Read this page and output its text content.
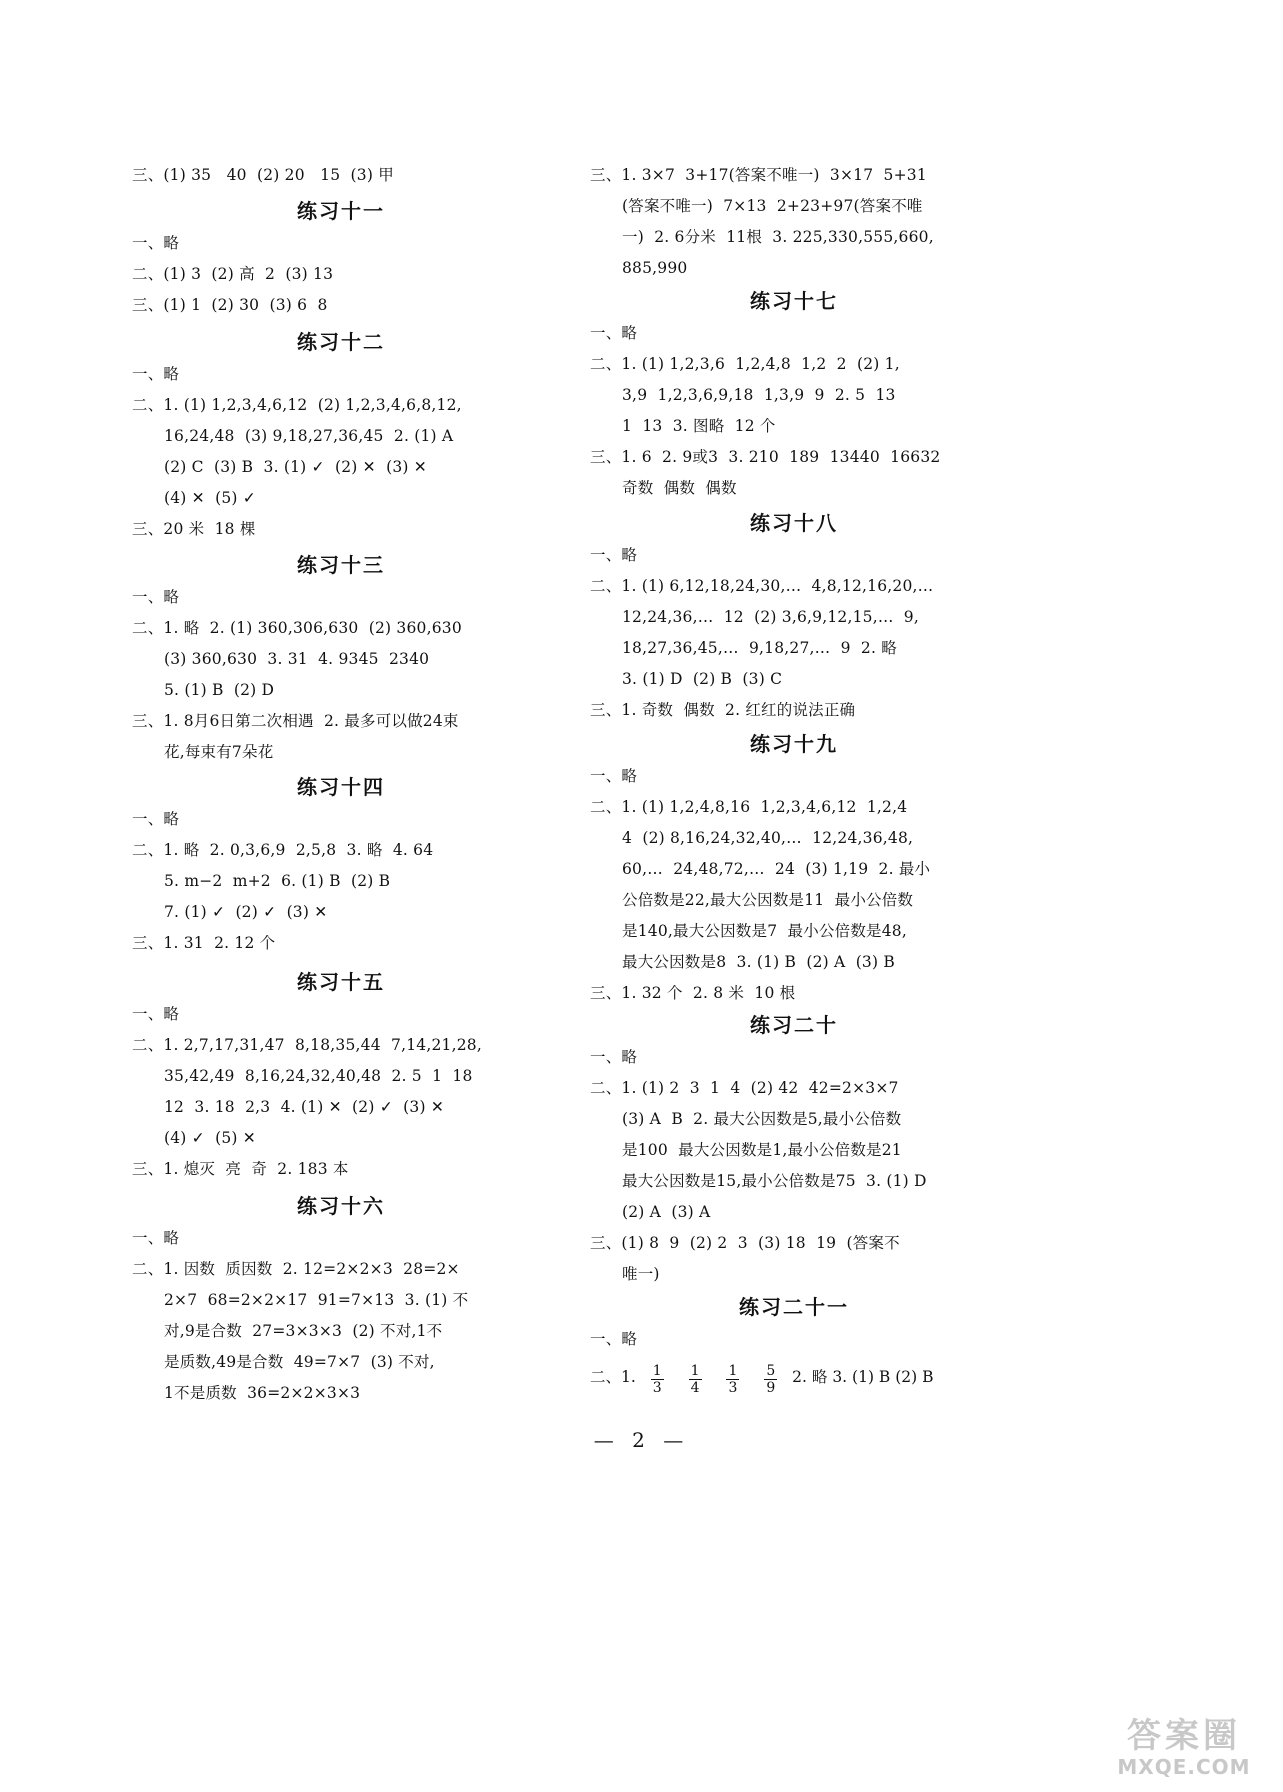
三、(1) 35   40  (2) 20   15  (3) 甲
练习十一
一、略
二、(1) 3  (2) 高  2  (3) 13
三、(1) 1  (2) 30  (3) 6  8
练习十二
一、略
二、1. (1) 1,2,3,4,6,12  (2) 1,2,3,4,6,8,12,
16,24,48  (3) 9,18,27,36,45  2. (1) A
(2) C  (3) B  3. (1) ✓  (2) ✕  (3) ✕
(4) ✕  (5) ✓
三、20 米  18 棵
练习十三
一、略
二、1. 略  2. (1) 360,306,630  (2) 360,630
(3) 360,630  3. 31  4. 9345  2340
5. (1) B  (2) D
三、1. 8月6日第二次相遇  2. 最多可以做24束
花,每束有7朵花
练习十四
一、略
二、1. 略  2. 0,3,6,9  2,5,8  3. 略  4. 64
5. m−2  m+2  6. (1) B  (2) B
7. (1) ✓  (2) ✓  (3) ✕
三、1. 31  2. 12 个
练习十五
一、略
二、1. 2,7,17,31,47  8,18,35,44  7,14,21,28,
35,42,49  8,16,24,32,40,48  2. 5  1  18
12  3. 18  2,3  4. (1) ✕  (2) ✓  (3) ✕
(4) ✓  (5) ✕
三、1. 熄灭  亮  奇  2. 183 本
练习十六
一、略
二、1. 因数  质因数  2. 12=2×2×3  28=2×
2×7  68=2×2×17  91=7×13  3. (1) 不
对,9是合数  27=3×3×3  (2) 不对,1不
是质数,49是合数  49=7×7  (3) 不对,
1不是质数  36=2×2×3×3
三、1. 3×7  3+17(答案不唯一)  3×17  5+31
(答案不唯一)  7×13  2+23+97(答案不唯
一)  2. 6分米  11根  3. 225,330,555,660,
885,990
练习十七
一、略
二、1. (1) 1,2,3,6  1,2,4,8  1,2  2  (2) 1,
3,9  1,2,3,6,9,18  1,3,9  9  2. 5  13
1  13  3. 图略  12 个
三、1. 6  2. 9或3  3. 210  189  13440  16632
奇数  偶数  偶数
练习十八
一、略
二、1. (1) 6,12,18,24,30,…  4,8,12,16,20,…
12,24,36,…  12  (2) 3,6,9,12,15,…  9,
18,27,36,45,…  9,18,27,…  9  2. 略
3. (1) D  (2) B  (3) C
三、1. 奇数  偶数  2. 红红的说法正确
练习十九
一、略
二、1. (1) 1,2,4,8,16  1,2,3,4,6,12  1,2,4
4  (2) 8,16,24,32,40,…  12,24,36,48,
60,…  24,48,72,…  24  (3) 1,19  2. 最小
公倍数是22,最大公因数是11  最小公倍数
是140,最大公因数是7  最小公倍数是48,
最大公因数是8  3. (1) B  (2) A  (3) B
三、1. 32 个  2. 8 米  10 根
练习二十
一、略
二、1. (1) 2  3  1  4  (2) 42  42=2×3×7
(3) A  B  2. 最大公因数是5,最小公倍数
是100  最大公因数是1,最小公倍数是21
最大公因数是15,最小公倍数是75  3. (1) D
(2) A  (3) A
三、(1) 8  9  (2) 2  3  (3) 18  19  (答案不
唯一)
练习二十一
一、略
二、1. $\frac{1}{3}$
$\frac{1}{4}$
$\frac{1}{3}$
$\frac{5}{9} 2$. 略 3. (1) B (2) B
— 2 —
答案圈
MXQE.COM
